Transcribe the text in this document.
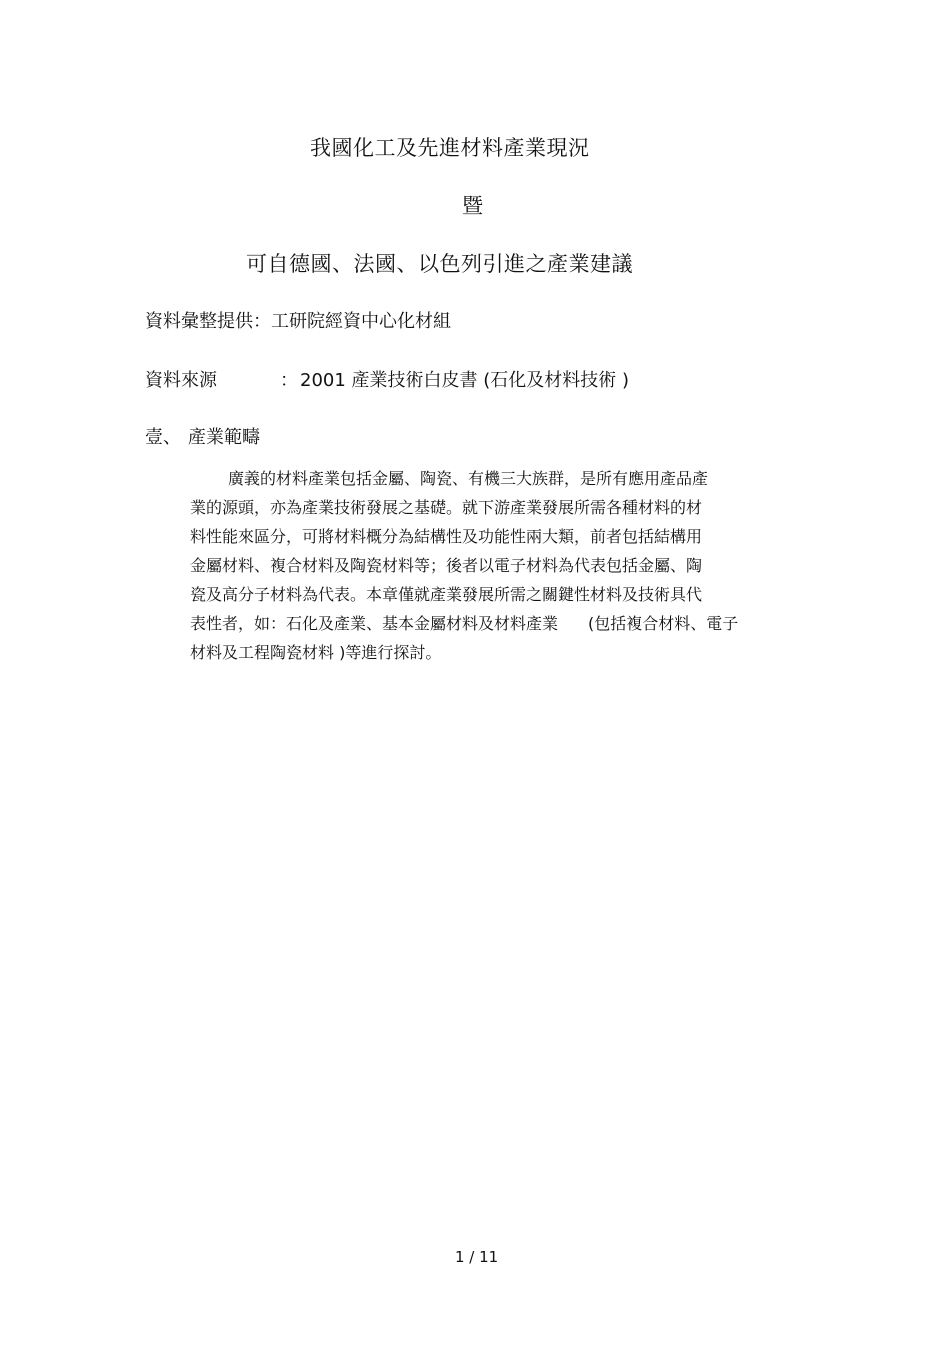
我國化工及先進材料產業現況
暨
可自德國、法國、以色列引進之產業建議
資料彙整提供：工研院經資中心化材組
資料來源	： 2001 產業技術白皮書 (石化及材料技術 )
壹、 產業範疇
廣義的材料產業包括金屬、陶瓷、有機三大族群，是所有應用產品產
業的源頭，亦為產業技術發展之基礎。就下游產業發展所需各種材料的材
料性能來區分，可將材料概分為結構性及功能性兩大類，前者包括結構用
金屬材料、複合材料及陶瓷材料等；後者以電子材料為代表包括金屬、陶
瓷及高分子材料為代表。本章僅就產業發展所需之關鍵性材料及技術具代
表性者，如：石化及產業、基本金屬材料及材料產業 (包括複合材料、電子
材料及工程陶瓷材料 )等進行探討。
1 / 11
